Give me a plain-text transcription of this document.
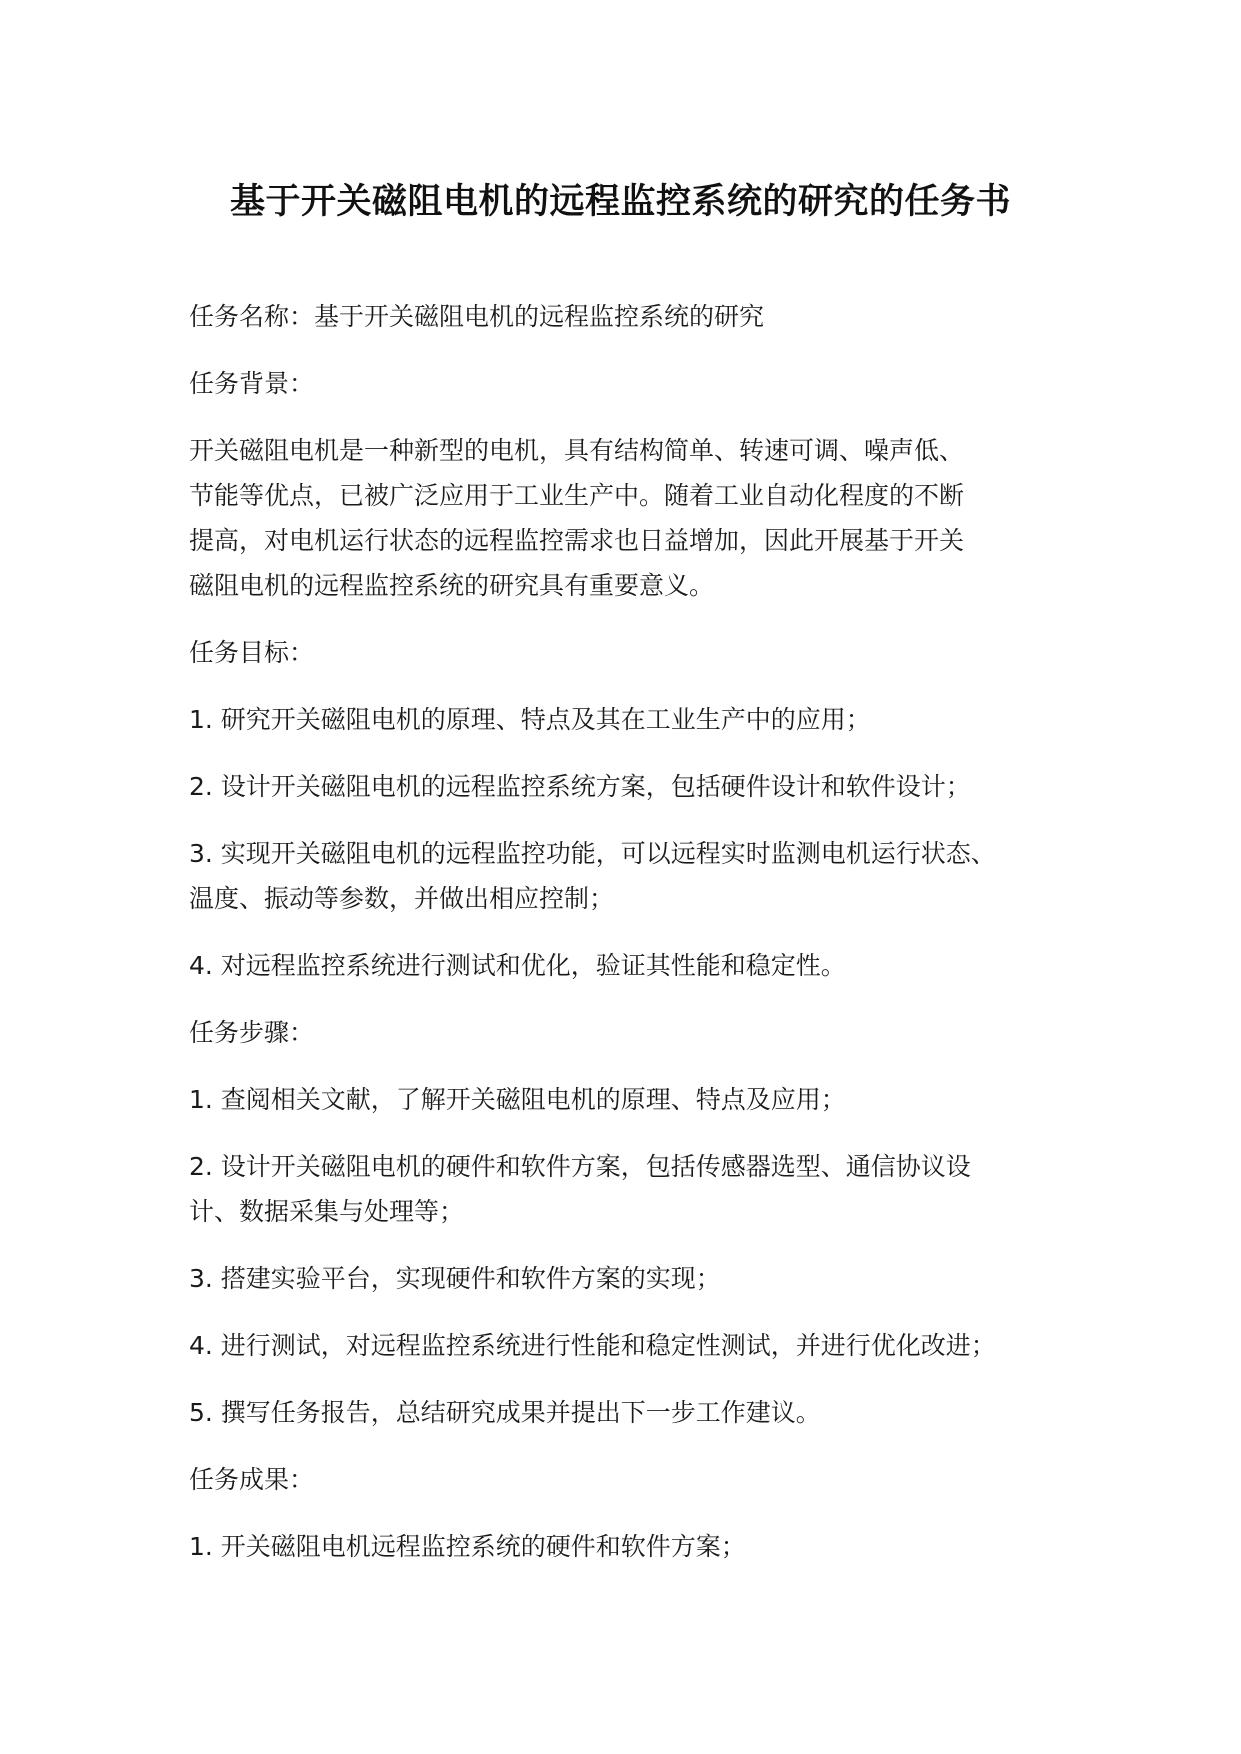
基于开关磁阻电机的远程监控系统的研究的任务书

任务名称：基于开关磁阻电机的远程监控系统的研究

任务背景：

开关磁阻电机是一种新型的电机，具有结构简单、转速可调、噪声低、
节能等优点，已被广泛应用于工业生产中。随着工业自动化程度的不断
提高，对电机运行状态的远程监控需求也日益增加，因此开展基于开关
磁阻电机的远程监控系统的研究具有重要意义。

任务目标：

1. 研究开关磁阻电机的原理、特点及其在工业生产中的应用；

2. 设计开关磁阻电机的远程监控系统方案，包括硬件设计和软件设计；

3. 实现开关磁阻电机的远程监控功能，可以远程实时监测电机运行状态、
温度、振动等参数，并做出相应控制；

4. 对远程监控系统进行测试和优化，验证其性能和稳定性。

任务步骤：

1. 查阅相关文献，了解开关磁阻电机的原理、特点及应用；

2. 设计开关磁阻电机的硬件和软件方案，包括传感器选型、通信协议设
计、数据采集与处理等；

3. 搭建实验平台，实现硬件和软件方案的实现；

4. 进行测试，对远程监控系统进行性能和稳定性测试，并进行优化改进；

5. 撰写任务报告，总结研究成果并提出下一步工作建议。

任务成果：

1. 开关磁阻电机远程监控系统的硬件和软件方案；
